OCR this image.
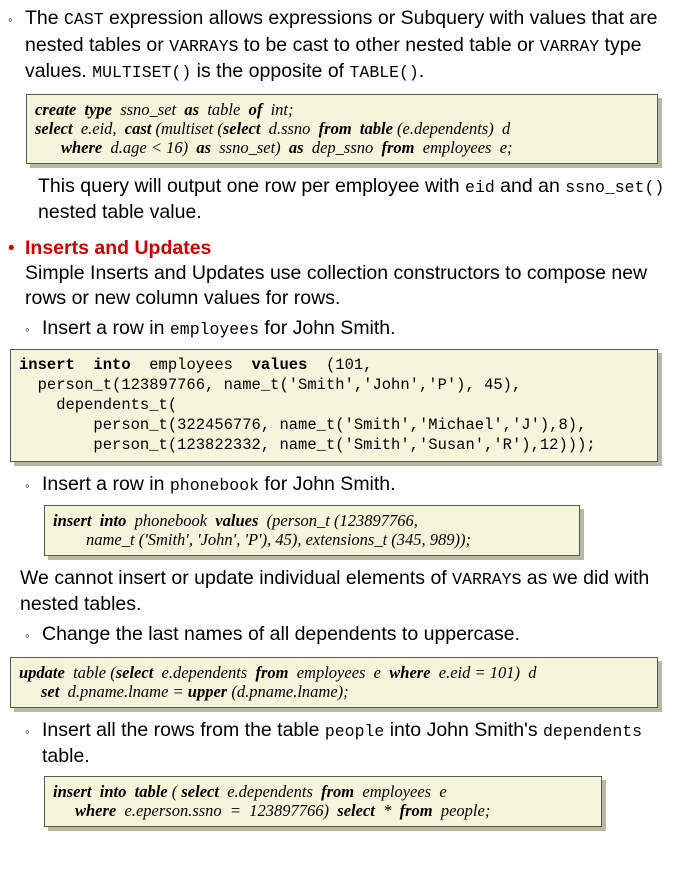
◦ The CAST expression allows expressions or Subquery with values that are nested tables or VARRAYs to be cast to other nested table or VARRAY type values. MULTISET() is the opposite of TABLE().
create type  ssno_set  as  table  of  int;
select  e.eid,  cast (multiset (select  d.ssno  from table (e.dependents)  d
where  d.age < 16)  as  ssno_set)  as  dep_ssno  from  employees  e;
This query will output one row per employee with eid and an ssno_set() nested table value.
• Inserts and Updates
Simple Inserts and Updates use collection constructors to compose new rows or new column values for rows.
◦ Insert a row in employees for John Smith.
insert into  employees  values  (101,
person_t(123897766, name_t('Smith','John','P'), 45),
dependents_t(
person_t(322456776, name_t('Smith','Michael','J'),8),
person_t(123822332, name_t('Smith','Susan','R'),12)));
◦ Insert a row in phonebook for John Smith.
insert into  phonebook  values  (person_t (123897766,
name_t ('Smith', 'John', 'P'), 45), extensions_t (345, 989));
We cannot insert or update individual elements of VARRAYs as we did with nested tables.
◦ Change the last names of all dependents to uppercase.
update  table (select  e.dependents  from  employees  e  where  e.eid = 101)  d
set  d.pname.lname = upper (d.pname.lname);
◦ Insert all the rows from the table people into John Smith's dependents table.
insert into table ( select  e.dependents  from  employees  e
where  e.eperson.ssno  =  123897766)  select  *  from  people;
